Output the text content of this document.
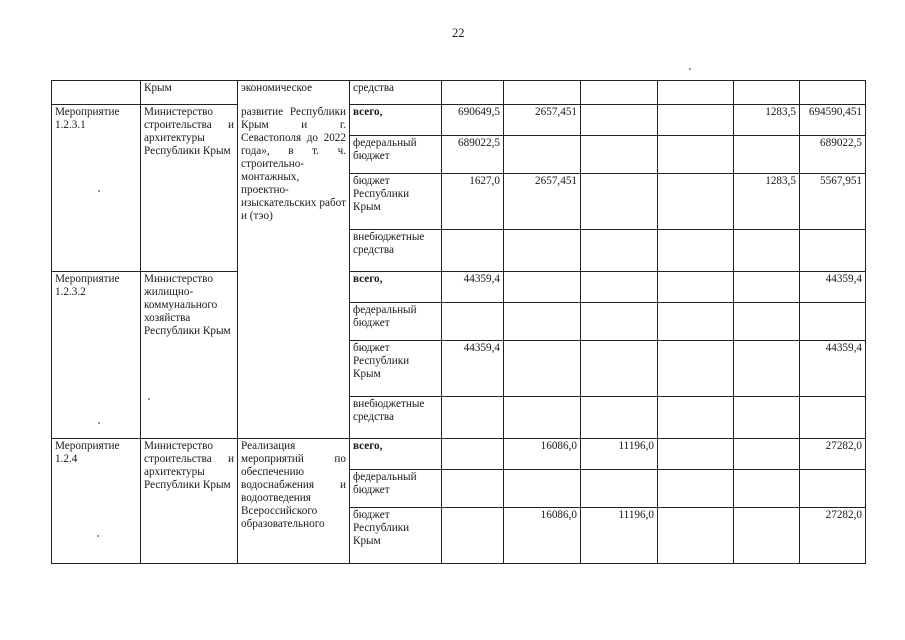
22
	Крым	экономическое	средства						
Мероприятие 1.2.3.1	Министерство строительства и архитектуры Республики Крым	развитие Республики Крым и г. Севастополя до 2022 года», в т. ч. строительно-монтажных, проектно-изыскательских работ и (тэо)	всего,	690649,5	2657,451			1283,5	694590,451
			федеральный бюджет	689022,5					689022,5
			бюджет Республики Крым	1627,0	2657,451			1283,5	5567,951
			внебюджетные средства						
Мероприятие 1.2.3.2	Министерство жилищно-коммунального хозяйства Республики Крым		всего,	44359,4					44359,4
			федеральный бюджет						
			бюджет Республики Крым	44359,4					44359,4
			внебюджетные средства						
Мероприятие 1.2.4	Министерство строительства и архитектуры Республики Крым	Реализация мероприятий по обеспечению водоснабжения и водоотведения Всероссийского образовательного	всего,		16086,0	11196,0			27282,0
			федеральный бюджет						
			бюджет Республики Крым		16086,0	11196,0			27282,0
